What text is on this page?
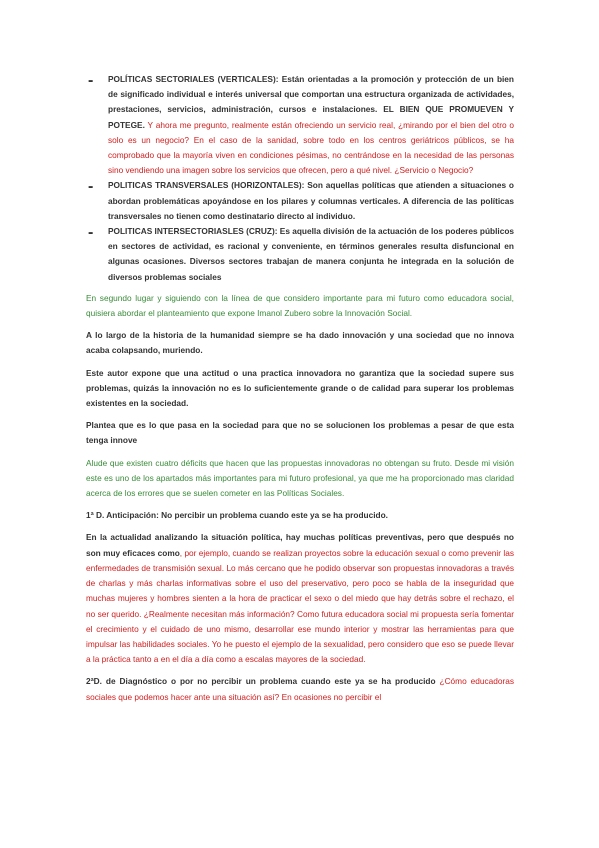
- POLÍTICAS SECTORIALES (VERTICALES): Están orientadas a la promoción y protección de un bien de significado individual e interés universal que comportan una estructura organizada de actividades, prestaciones, servicios, administración, cursos e instalaciones. EL BIEN QUE PROMUEVEN Y POTEGE. Y ahora me pregunto, realmente están ofreciendo un servicio real, ¿mirando por el bien del otro o solo es un negocio? En el caso de la sanidad, sobre todo en los centros geriátricos públicos, se ha comprobado que la mayoría viven en condiciones pésimas, no centrándose en la necesidad de las personas sino vendiendo una imagen sobre los servicios que ofrecen, pero a qué nivel. ¿Servicio o Negocio?

- POLITICAS TRANSVERSALES (HORIZONTALES): Son aquellas políticas que atienden a situaciones o abordan problemáticas apoyándose en los pilares y columnas verticales. A diferencia de las políticas transversales no tienen como destinatario directo al individuo.

- POLITICAS INTERSECTORIASLES (CRUZ): Es aquella división de la actuación de los poderes públicos en sectores de actividad, es racional y conveniente, en términos generales resulta disfuncional en algunas ocasiones. Diversos sectores trabajan de manera conjunta he integrada en la solución de diversos problemas sociales

En segundo lugar y siguiendo con la línea de que considero importante para mi futuro como educadora social, quisiera abordar el planteamiento que expone Imanol Zubero sobre la Innovación Social.

A lo largo de la historia de la humanidad siempre se ha dado innovación y una sociedad que no innova acaba colapsando, muriendo.

Este autor expone que una actitud o una practica innovadora no garantiza que la sociedad supere sus problemas, quizás la innovación no es lo suficientemente grande o de calidad para superar los problemas existentes en la sociedad.

Plantea que es lo que pasa en la sociedad para que no se solucionen los problemas a pesar de que esta tenga innove

Alude que existen cuatro déficits que hacen que las propuestas innovadoras no obtengan su fruto. Desde mi visión este es uno de los apartados más importantes para mi futuro profesional, ya que me ha proporcionado mas claridad acerca de los errores que se suelen cometer en las Políticas Sociales.

1ª D. Anticipación: No percibir un problema cuando este ya se ha producido.

En la actualidad analizando la situación política, hay muchas políticas preventivas, pero que después no son muy eficaces como, por ejemplo, cuando se realizan proyectos sobre la educación sexual o como prevenir las enfermedades de transmisión sexual. Lo más cercano que he podido observar son propuestas innovadoras a través de charlas y más charlas informativas sobre el uso del preservativo, pero poco se habla de la inseguridad que muchas mujeres y hombres sienten a la hora de practicar el sexo o del miedo que hay detrás sobre el rechazo, el no ser querido. ¿Realmente necesitan más información? Como futura educadora social mi propuesta sería fomentar el crecimiento y el cuidado de uno mismo, desarrollar ese mundo interior y mostrar las herramientas para que impulsar las habilidades sociales. Yo he puesto el ejemplo de la sexualidad, pero considero que eso se puede llevar a la práctica tanto a en el día a día como a escalas mayores de la sociedad.

2ªD. de Diagnóstico o por no percibir un problema cuando este ya se ha producido ¿Cómo educadoras sociales que podemos hacer ante una situación así? En ocasiones no percibir el
